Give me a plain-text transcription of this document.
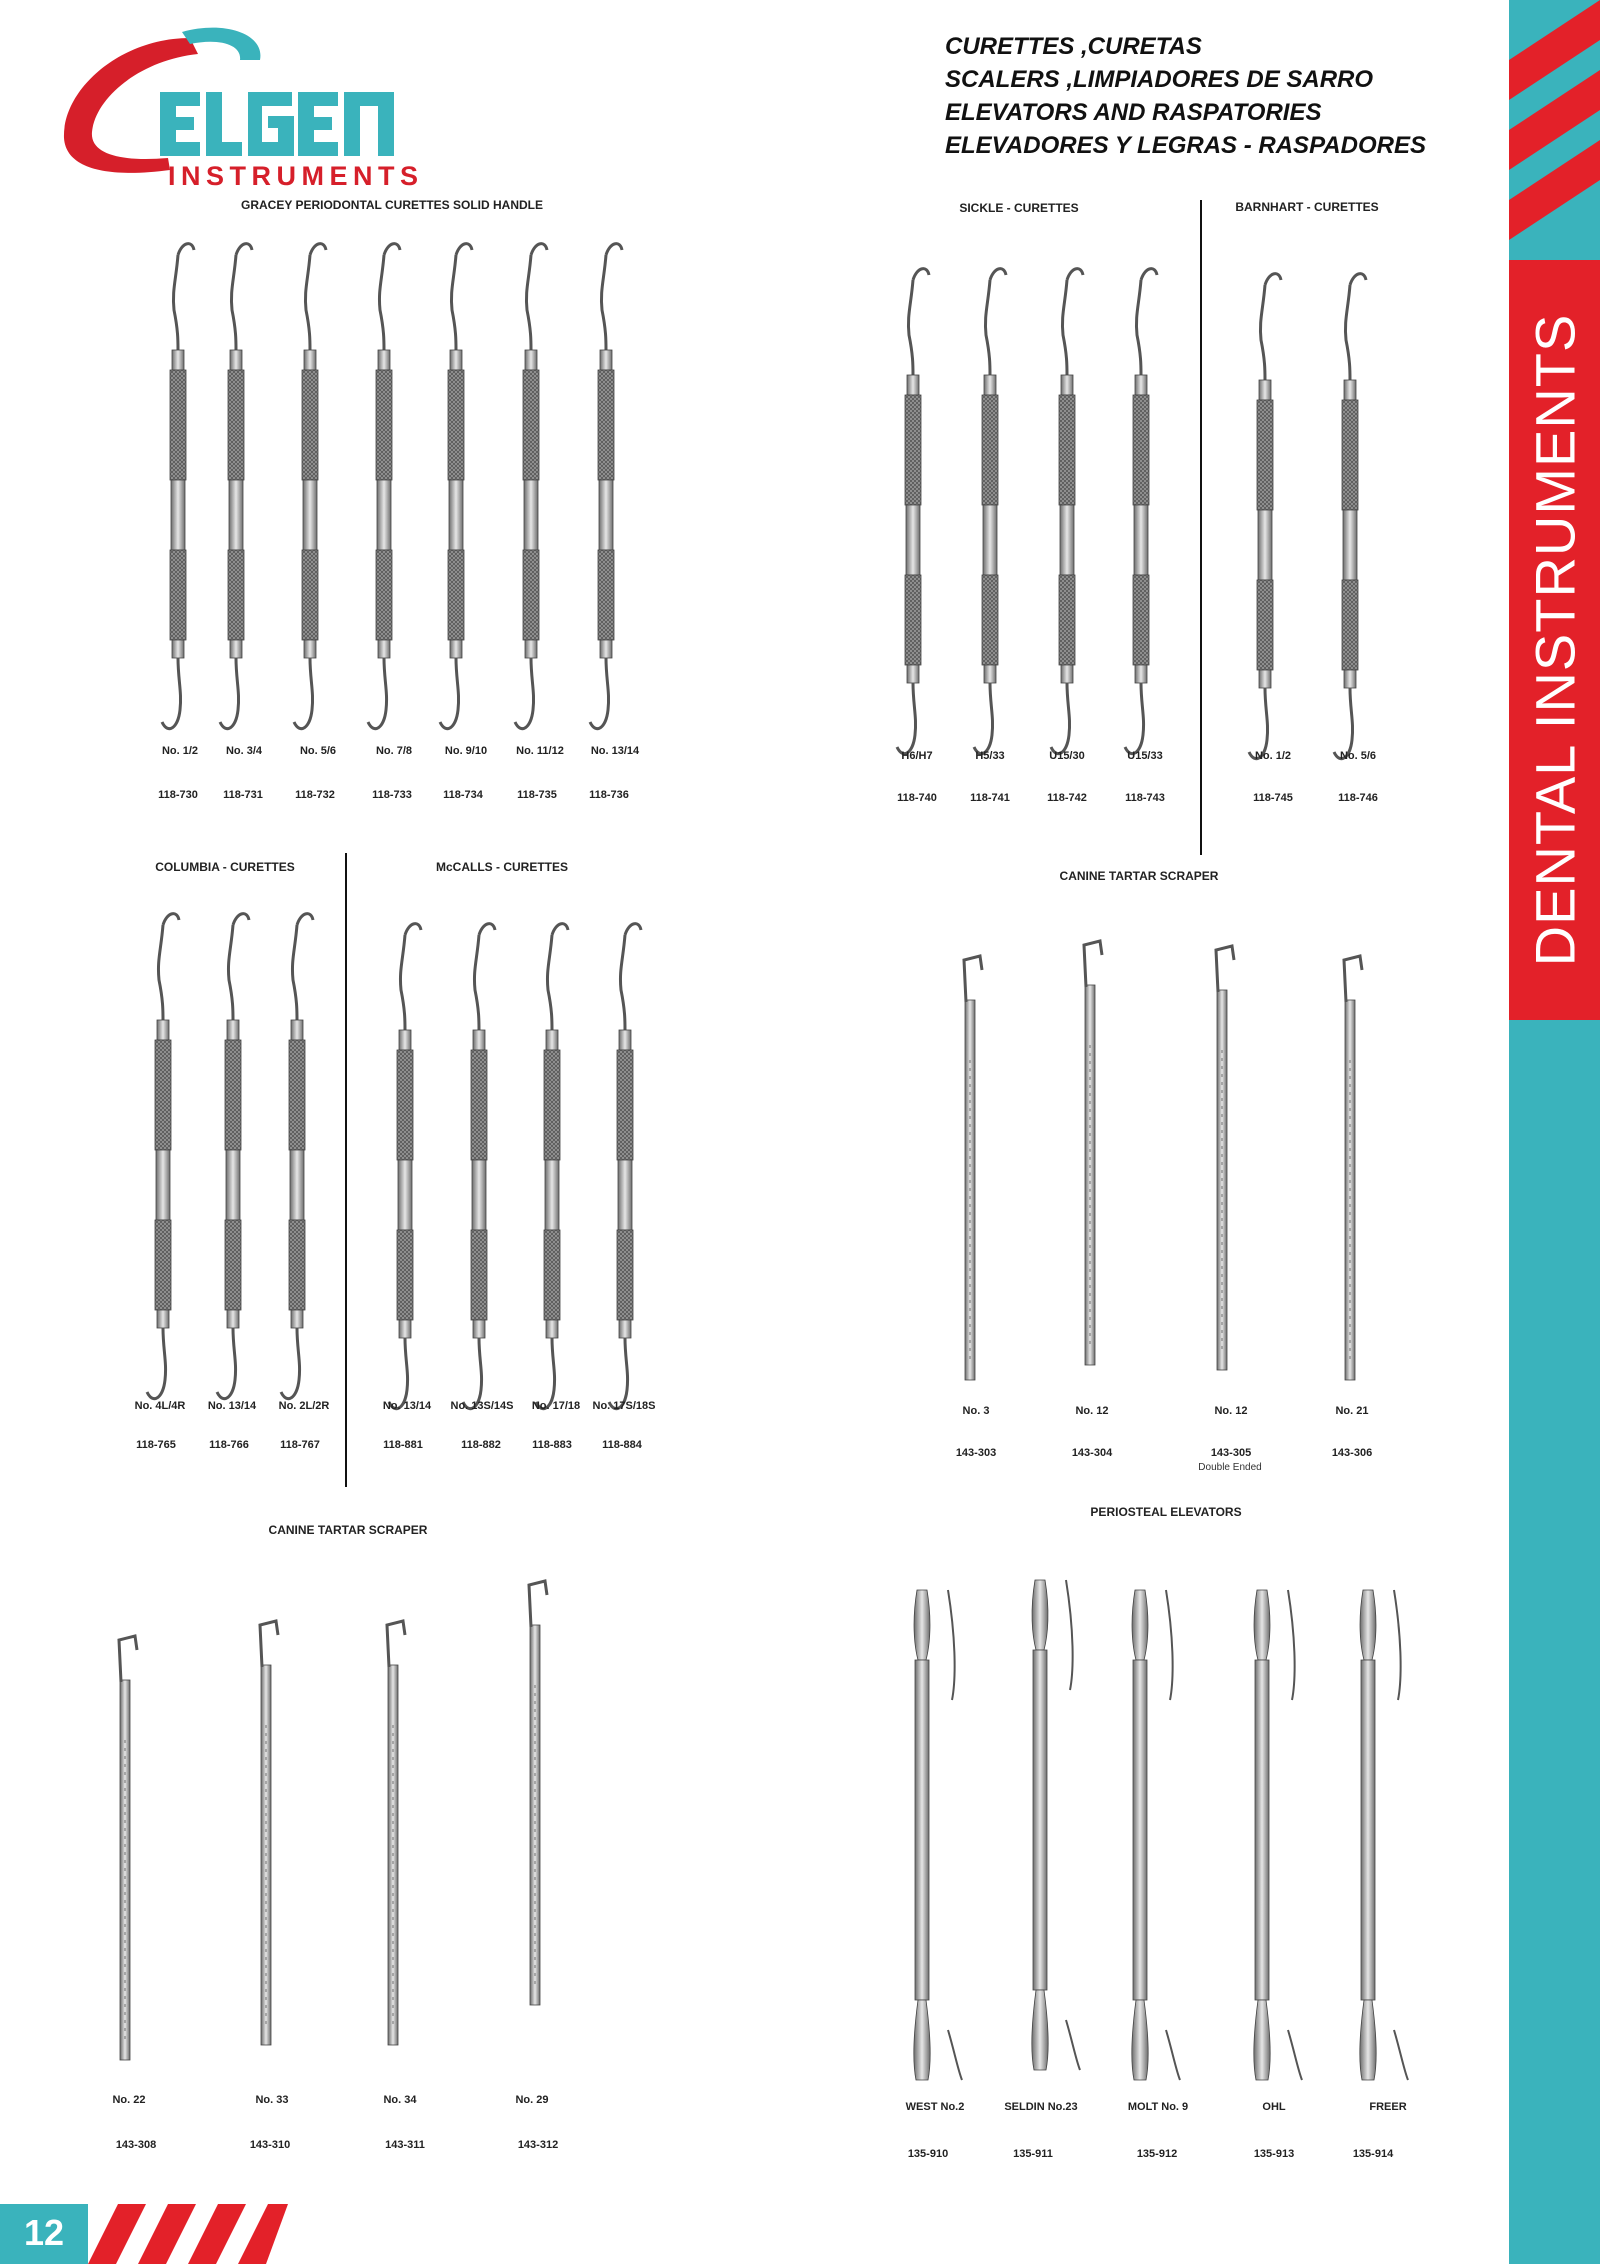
INSTRUMENTS
CURETTES ,CURETAS
SCALERS ,LIMPIADORES DE SARRO
ELEVATORS AND RASPATORIES
ELEVADORES Y LEGRAS - RASPADORES
DENTAL INSTRUMENTS
12
GRACEY PERIODONTAL CURETTES SOLID HANDLE	SICKLE - CURETTES	BARNHART - CURETTES
COLUMBIA - CURETTES	McCALLS - CURETTES
CANINE TARTAR SCRAPER
CANINE TARTAR SCRAPER
PERIOSTEAL ELEVATORS
No. 1/2	No. 3/4	No. 5/6	No. 7/8	No. 9/10	No. 11/12 No. 13/14
118-730 118-731	118-732	118-733	118-734	118-735	118-736
H6/H7	H5/33	U15/30	U15/33
118-740	118-741	118-742	118-743
No. 1/2	No. 5/6
118-745	118-746
No. 4L/4R No. 13/14 No. 2L/2R
118-765	118-766	118-767
No. 13/14 No. 13S/14S No. 17/18 No. 17S/18S
118-881	118-882	118-883	118-884
No. 3	No. 12	No. 12	No. 21
143-303	143-304	143-305	143-306
Double Ended
No. 22	No. 33	No. 34	No. 29
143-308	143-310	143-311	143-312
WEST No.2	SELDIN No.23	MOLT No. 9	OHL	FREER
135-910	135-911	135-912	135-913	135-914
